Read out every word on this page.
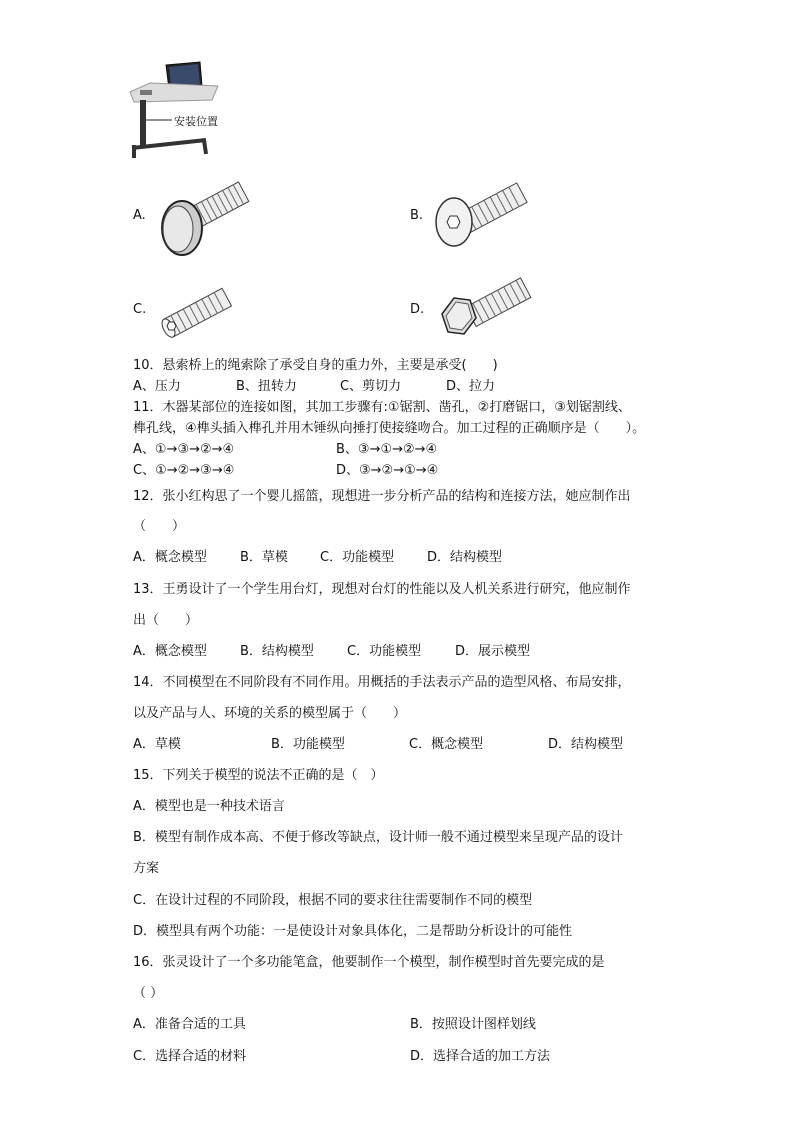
安装位置
A.	B.
C.	D.
10．悬索桥上的绳索除了承受自身的重力外，主要是承受(　　)
A、压力	B、扭转力	C、剪切力	D、拉力
11．木器某部位的连接如图，其加工步骤有:①锯割、凿孔，②打磨锯口，③划锯割线、
榫孔线，④榫头插入榫孔并用木锤纵向捶打使接缝吻合。加工过程的正确顺序是（　　）。
A、①→③→②→④	B、③→①→②→④
C、①→②→③→④	D、③→②→①→④
12．张小红构思了一个婴儿摇篮，现想进一步分析产品的结构和连接方法，她应制作出
（　　）
A．概念模型	B．草模 C．功能模型	D．结构模型
13．王勇设计了一个学生用台灯，现想对台灯的性能以及人机关系进行研究，他应制作
出（　　）
A．概念模型	B．结构模型	C．功能模型	D．展示模型
14．不同模型在不同阶段有不同作用。用概括的手法表示产品的造型风格、布局安排，
以及产品与人、环境的关系的模型属于（　　）
A．草模	B．功能模型	C．概念模型	D．结构模型
15．下列关于模型的说法不正确的是（　）
A．模型也是一种技术语言
B．模型有制作成本高、不便于修改等缺点，设计师一般不通过模型来呈现产品的设计
方案
C．在设计过程的不同阶段，根据不同的要求往往需要制作不同的模型
D．模型具有两个功能：一是使设计对象具体化，二是帮助分析设计的可能性
16．张灵设计了一个多功能笔盒，他要制作一个模型，制作模型时首先要完成的是
（ ）
A．准备合适的工具	B．按照设计图样划线
C．选择合适的材料	D．选择合适的加工方法
